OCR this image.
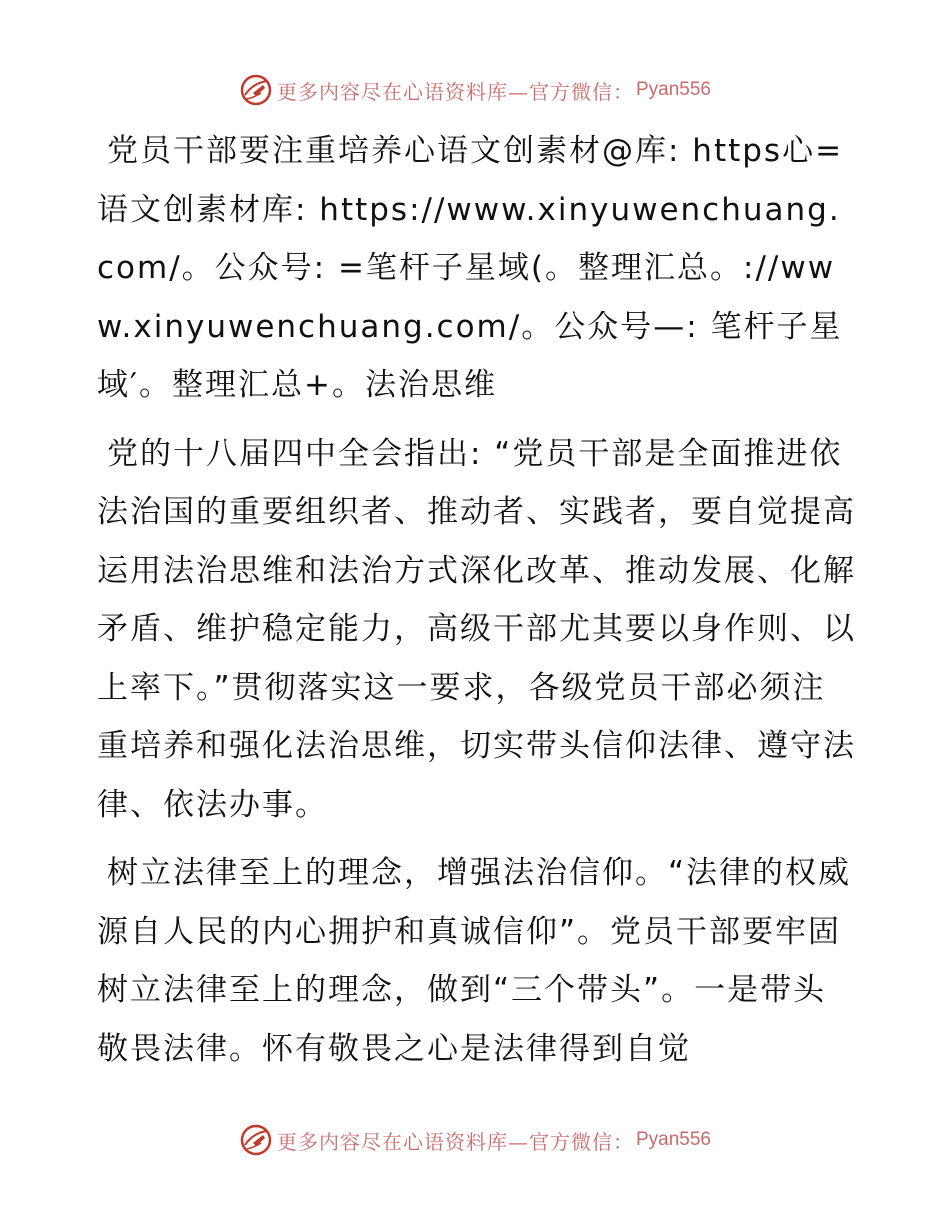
更多内容尽在心语资料库—官方微信： Pyan556

党员干部要注重培养心语文创素材@库: https心=语文创素材库: https://www.xinyuwenchuang.com/。公众号: =笔杆子星域(。整理汇总。://www.xinyuwenchuang.com/。公众号—: 笔杆子星域′。整理汇总+。法治思维

党的十八届四中全会指出: “党员干部是全面推进依法治国的重要组织者、推动者、实践者，要自觉提高运用法治思维和法治方式深化改革、推动发展、化解矛盾、维护稳定能力，高级干部尤其要以身作则、以上率下。”贯彻落实这一要求，各级党员干部必须注重培养和强化法治思维，切实带头信仰法律、遵守法律、依法办事。

树立法律至上的理念，增强法治信仰。“法律的权威源自人民的内心拥护和真诚信仰”。党员干部要牢固树立法律至上的理念，做到“三个带头”。一是带头敬畏法律。怀有敬畏之心是法律得到自觉

更多内容尽在心语资料库—官方微信： Pyan556
